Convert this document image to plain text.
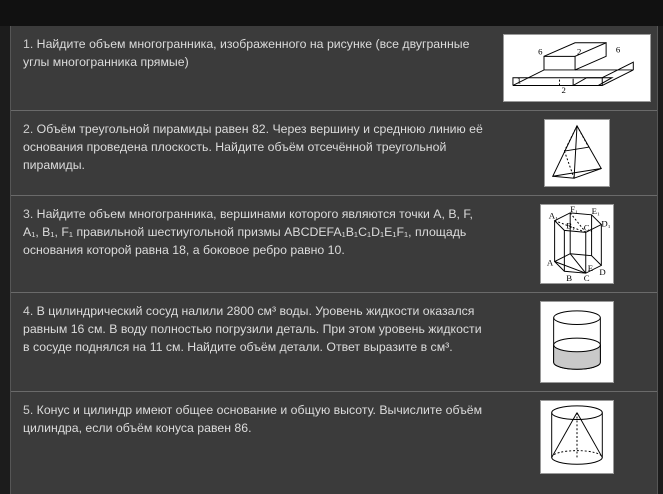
1. Найдите объем многогранника, изображенного на рисунке (все двугранные углы многогранника прямые)
6
6	2
1
2
2. Объём треугольной пирамиды равен 82. Через вершину и среднюю линию её основания проведена плоскость. Найдите объём отсечённой треугольной пирамиды.
3. Найдите объем многогранника, вершинами которого являются точки A, B, F, A₁, B₁, F₁ правильной шестиугольной призмы ABCDEFA₁B₁C₁D₁E₁F₁, площадь основания которой равна 18, а боковое ребро равно 10.
A₁
F₁ E₁
B₁ C₁ D₁
A
E
B C
D
4. В цилиндрический сосуд налили 2800 см³ воды. Уровень жидкости оказался равным 16 см. В воду полностью погрузили деталь. При этом уровень жидкости в сосуде поднялся на 11 см. Найдите объём детали. Ответ выразите в см³.
5. Конус и цилиндр имеют общее основание и общую высоту. Вычислите объём цилиндра, если объём конуса равен 86.
